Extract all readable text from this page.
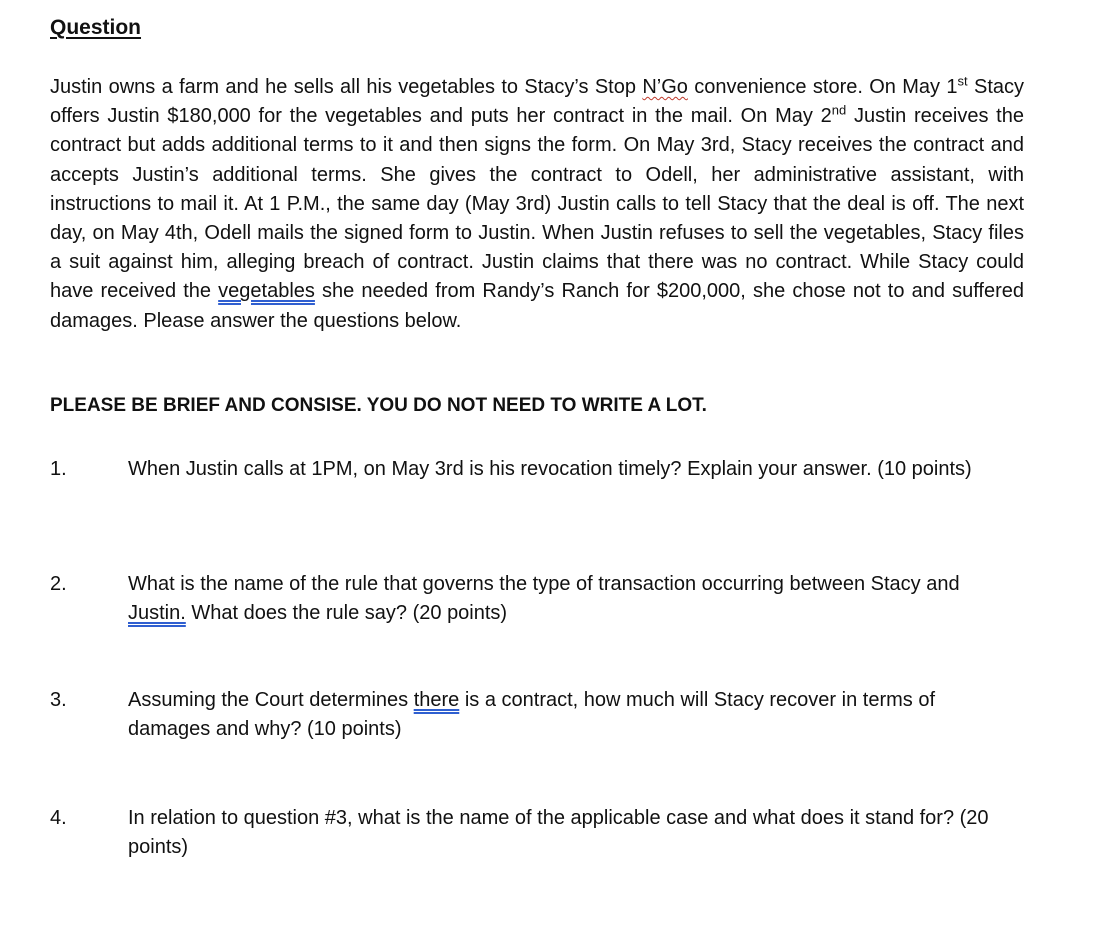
Question
Justin owns a farm and he sells all his vegetables to Stacy’s Stop N’Go convenience store. On May 1st Stacy offers Justin $180,000 for the vegetables and puts her contract in the mail. On May 2nd Justin receives the contract but adds additional terms to it and then signs the form. On May 3rd, Stacy receives the contract and accepts Justin’s additional terms. She gives the contract to Odell, her administrative assistant, with instructions to mail it. At 1 P.M., the same day (May 3rd) Justin calls to tell Stacy that the deal is off. The next day, on May 4th, Odell mails the signed form to Justin. When Justin refuses to sell the vegetables, Stacy files a suit against him, alleging breach of contract. Justin claims that there was no contract. While Stacy could have received the vegetables she needed from Randy’s Ranch for $200,000, she chose not to and suffered damages. Please answer the questions below.
PLEASE BE BRIEF AND CONSISE. YOU DO NOT NEED TO WRITE A LOT.
1.	When Justin calls at 1PM, on May 3rd is his revocation timely? Explain your answer. (10 points)
2.	What is the name of the rule that governs the type of transaction occurring between Stacy and Justin. What does the rule say? (20 points)
3.	Assuming the Court determines there is a contract, how much will Stacy recover in terms of damages and why? (10 points)
4.	In relation to question #3, what is the name of the applicable case and what does it stand for? (20 points)
